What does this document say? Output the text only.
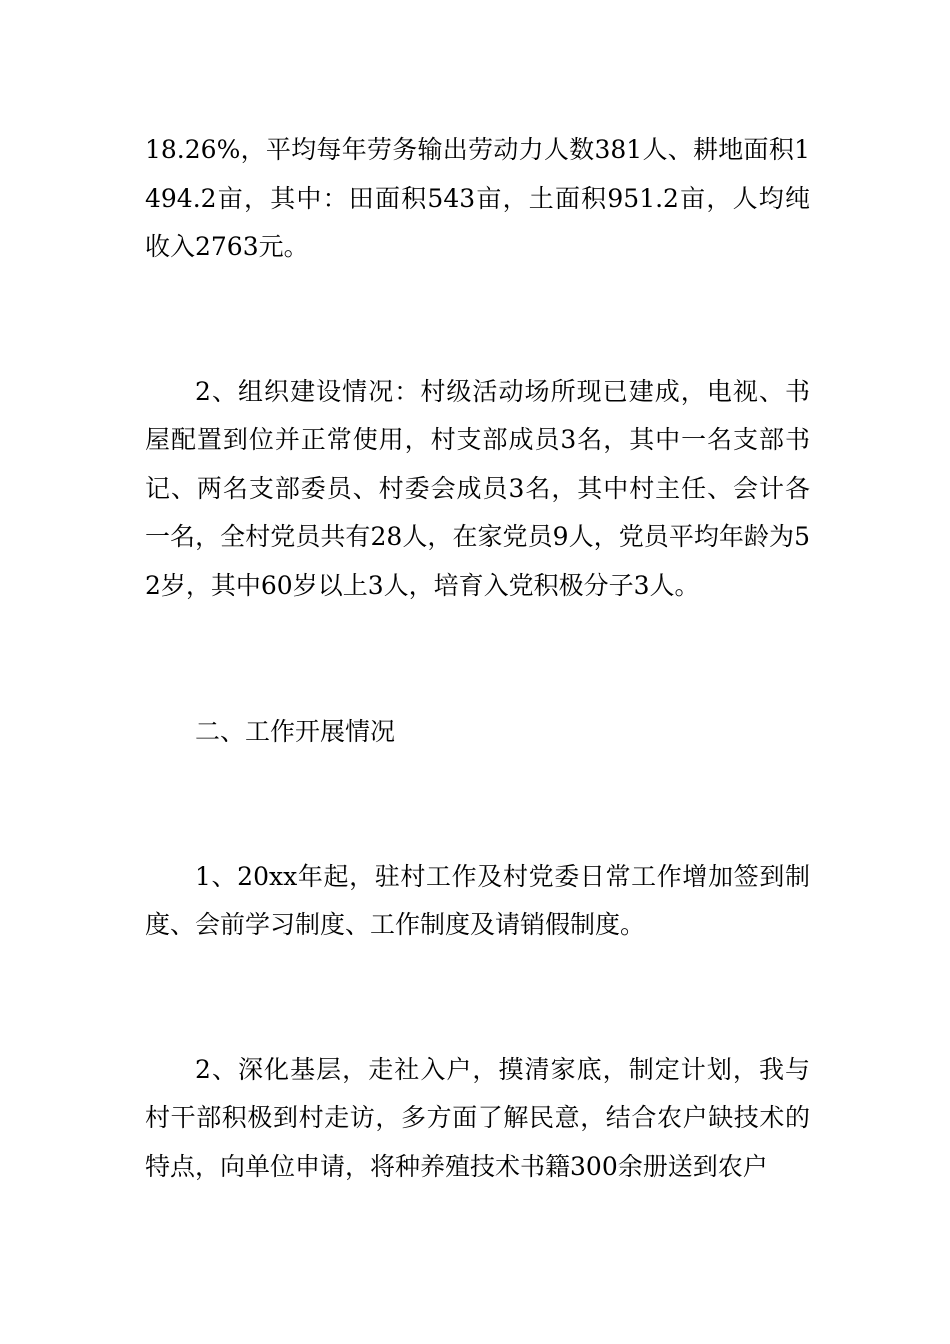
18.26%，平均每年劳务输出劳动力人数381人、耕地面积1494.2亩，其中：田面积543亩，土面积951.2亩，人均纯收入2763元。

2、组织建设情况：村级活动场所现已建成，电视、书屋配置到位并正常使用，村支部成员3名，其中一名支部书记、两名支部委员、村委会成员3名，其中村主任、会计各一名，全村党员共有28人，在家党员9人，党员平均年龄为52岁，其中60岁以上3人，培育入党积极分子3人。

二、工作开展情况

1、20xx年起，驻村工作及村党委日常工作增加签到制度、会前学习制度、工作制度及请销假制度。

2、深化基层，走社入户，摸清家底，制定计划，我与村干部积极到村走访，多方面了解民意，结合农户缺技术的特点，向单位申请，将种养殖技术书籍300余册送到农户
